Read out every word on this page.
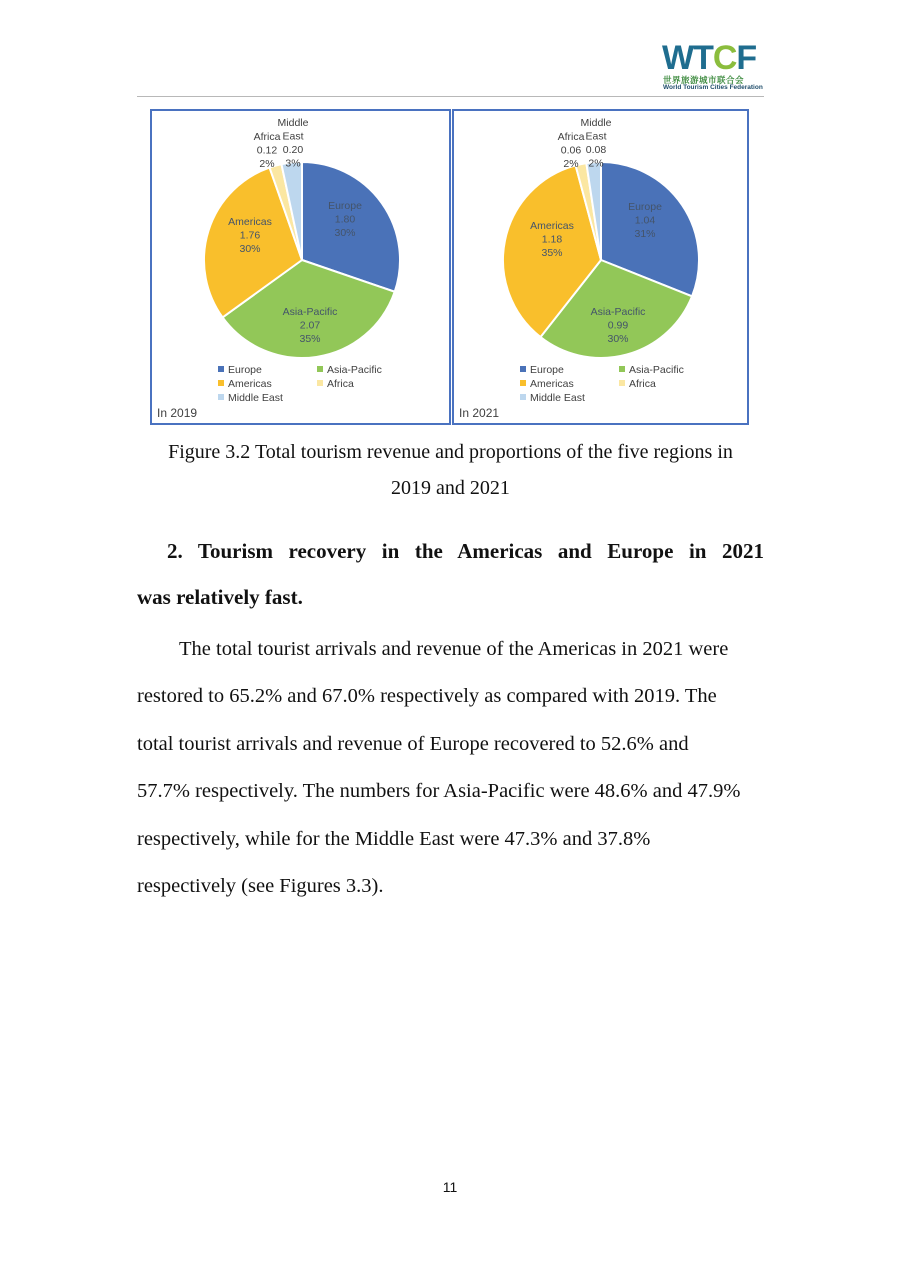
WTCF
世界旅游城市联合会
World Tourism Cities Federation
Europe
1.80
30%
Asia-Pacific
2.07
35%
Americas
1.76
30%
Africa
0.12
2%
Middle
East
0.20
3%
Europe	Asia-Pacific
Americas	Africa
Middle East
In 2019
Europe
1.04
31%
Asia-Pacific
0.99
30%
Americas
1.18
35%
Africa
0.06
2%
Middle
East
0.08
2%
Europe	Asia-Pacific
Americas	Africa
Middle East
In 2021
Figure 3.2 Total tourism revenue and proportions of the five regions in
2019 and 2021
2. Tourism recovery in the Americas and Europe in 2021
was relatively fast.
The total tourist arrivals and revenue of the Americas in 2021 were
restored to 65.2% and 67.0% respectively as compared with 2019. The
total tourist arrivals and revenue of Europe recovered to 52.6% and
57.7% respectively. The numbers for Asia-Pacific were 48.6% and 47.9%
respectively, while for the Middle East were 47.3% and 37.8%
respectively (see Figures 3.3).
11
